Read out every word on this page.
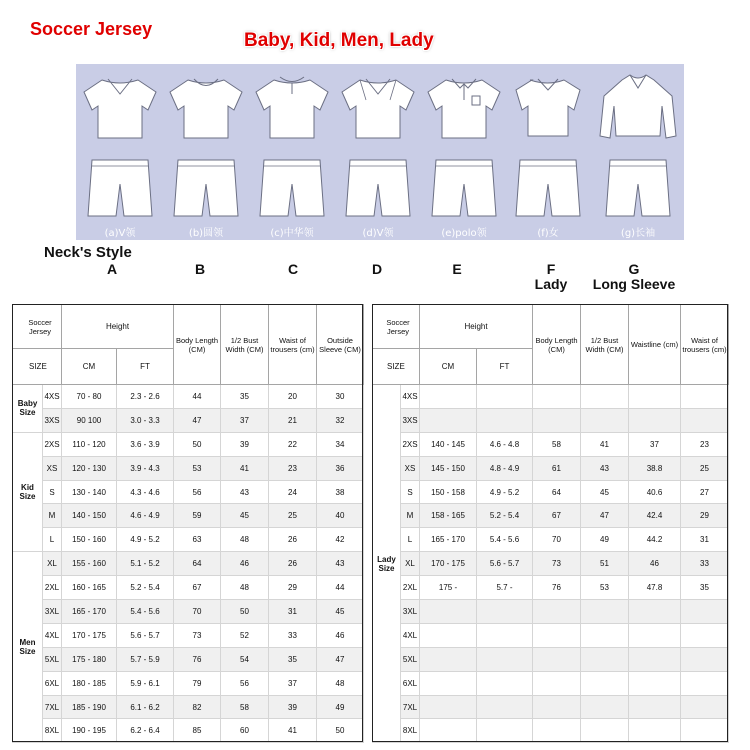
Soccer Jersey
Baby, Kid, Men, Lady
(a)V领	(b)圆领	(c)中华领	(d)V领	(e)polo领	(f)女	(g)长袖
Neck's Style
A	B	C	D	E	F
Lady
G
Long Sleeve
Soccer Jersey		Height		Body Length (CM)	1/2 Bust Width (CM)	Waist of trousers (cm)	Outside Sleeve (CM)

SIZE		CM	FT				
Baby Size	4XS	70 - 80	2.3 - 2.6	44	35	20	30
	3XS	90 100	3.0 - 3.3	47	37	21	32
Kid Size	2XS	110 - 120	3.6 - 3.9	50	39	22	34
	XS	120 - 130	3.9 - 4.3	53	41	23	36
	S	130 - 140	4.3 - 4.6	56	43	24	38
	M	140 - 150	4.6 - 4.9	59	45	25	40
	L	150 - 160	4.9 - 5.2	63	48	26	42
Men Size	XL	155 - 160	5.1 - 5.2	64	46	26	43
	2XL	160 - 165	5.2 - 5.4	67	48	29	44
	3XL	165 - 170	5.4 - 5.6	70	50	31	45
	4XL	170 - 175	5.6 - 5.7	73	52	33	46
	5XL	175 - 180	5.7 - 5.9	76	54	35	47
	6XL	180 - 185	5.9 - 6.1	79	56	37	48
	7XL	185 - 190	6.1 - 6.2	82	58	39	49
	8XL	190 - 195	6.2 - 6.4	85	60	41	50
Soccer Jersey		Height		Body Length (CM)	1/2 Bust Width (CM)	Waistline (cm)	Waist of trousers (cm)

SIZE		CM	FT				
Lady Size	4XS						
	3XS						
	2XS	140 - 145	4.6 - 4.8	58	41	37	23
	XS	145 - 150	4.8 - 4.9	61	43	38.8	25
	S	150 - 158	4.9 - 5.2	64	45	40.6	27
	M	158 - 165	5.2 - 5.4	67	47	42.4	29
	L	165 - 170	5.4 - 5.6	70	49	44.2	31
	XL	170 - 175	5.6 - 5.7	73	51	46	33
	2XL	175 -	5.7 -	76	53	47.8	35
	3XL						
	4XL						
	5XL						
	6XL						
	7XL						
	8XL						
